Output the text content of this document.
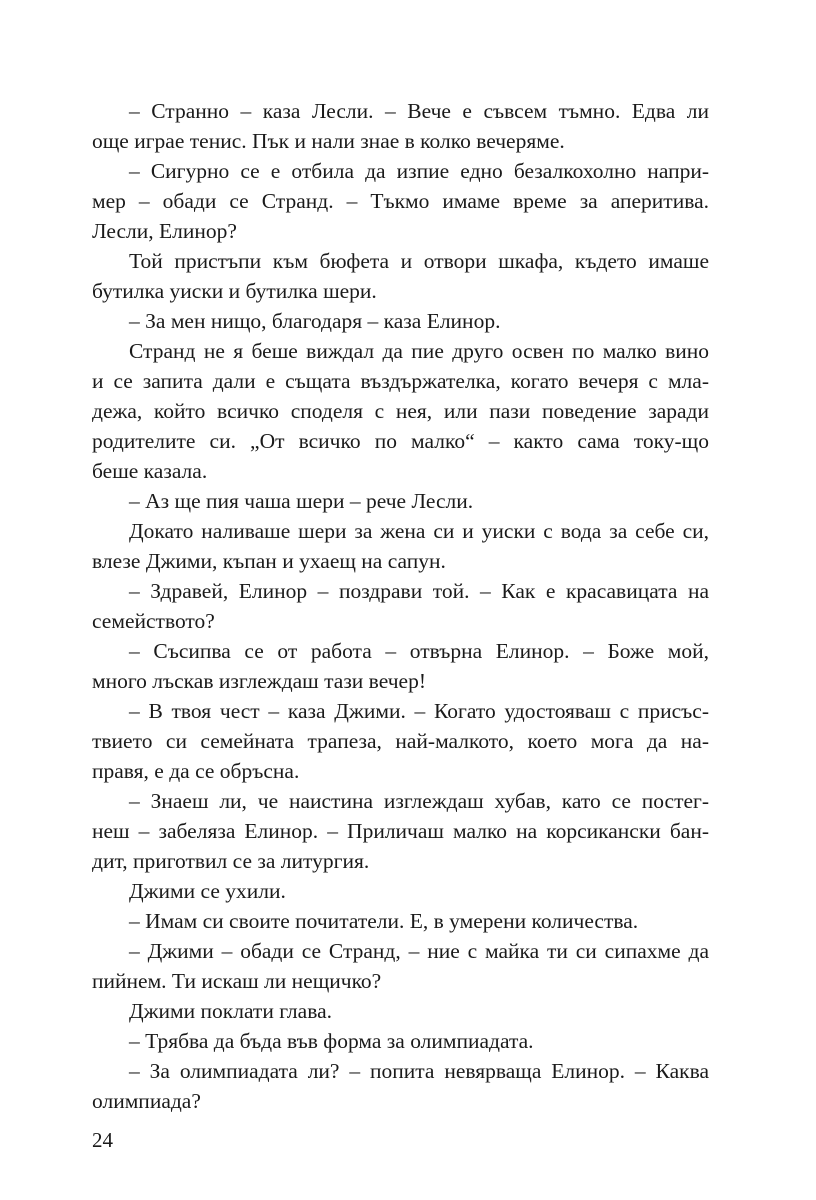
– Странно – каза Лесли. – Вече е съвсем тъмно. Едва ли
още играе тенис. Пък и нали знае в колко вечеряме.
– Сигурно се е отбила да изпие едно безалкохолно напри-
мер – обади се Странд. – Тъкмо имаме време за аперитива.
Лесли, Елинор?
Той пристъпи към бюфета и отвори шкафа, където имаше
бутилка уиски и бутилка шери.
– За мен нищо, благодаря – каза Елинор.
Странд не я беше виждал да пие друго освен по малко вино
и се запита дали е същата въздържателка, когато вечеря с мла-
дежа, който всичко споделя с нея, или пази поведение заради
родителите си. „От всичко по малко“ – както сама току-що
беше казала.
– Аз ще пия чаша шери – рече Лесли.
Докато наливаше шери за жена си и уиски с вода за себе си,
влезе Джими, къпан и ухаещ на сапун.
– Здравей, Елинор – поздрави той. – Как е красавицата на
семейството?
– Съсипва се от работа – отвърна Елинор. – Боже мой,
много лъскав изглеждаш тази вечер!
– В твоя чест – каза Джими. – Когато удостояваш с присъс-
твието си семейната трапеза, най-малкото, което мога да на-
правя, е да се обръсна.
– Знаеш ли, че наистина изглеждаш хубав, като се постег-
неш – забеляза Елинор. – Приличаш малко на корсикански бан-
дит, приготвил се за литургия.
Джими се ухили.
– Имам си своите почитатели. Е, в умерени количества.
– Джими – обади се Странд, – ние с майка ти си сипахме да
пийнем. Ти искаш ли нещичко?
Джими поклати глава.
– Трябва да бъда във форма за олимпиадата.
– За олимпиадата ли? – попита невярваща Елинор. – Каква
олимпиада?
24
